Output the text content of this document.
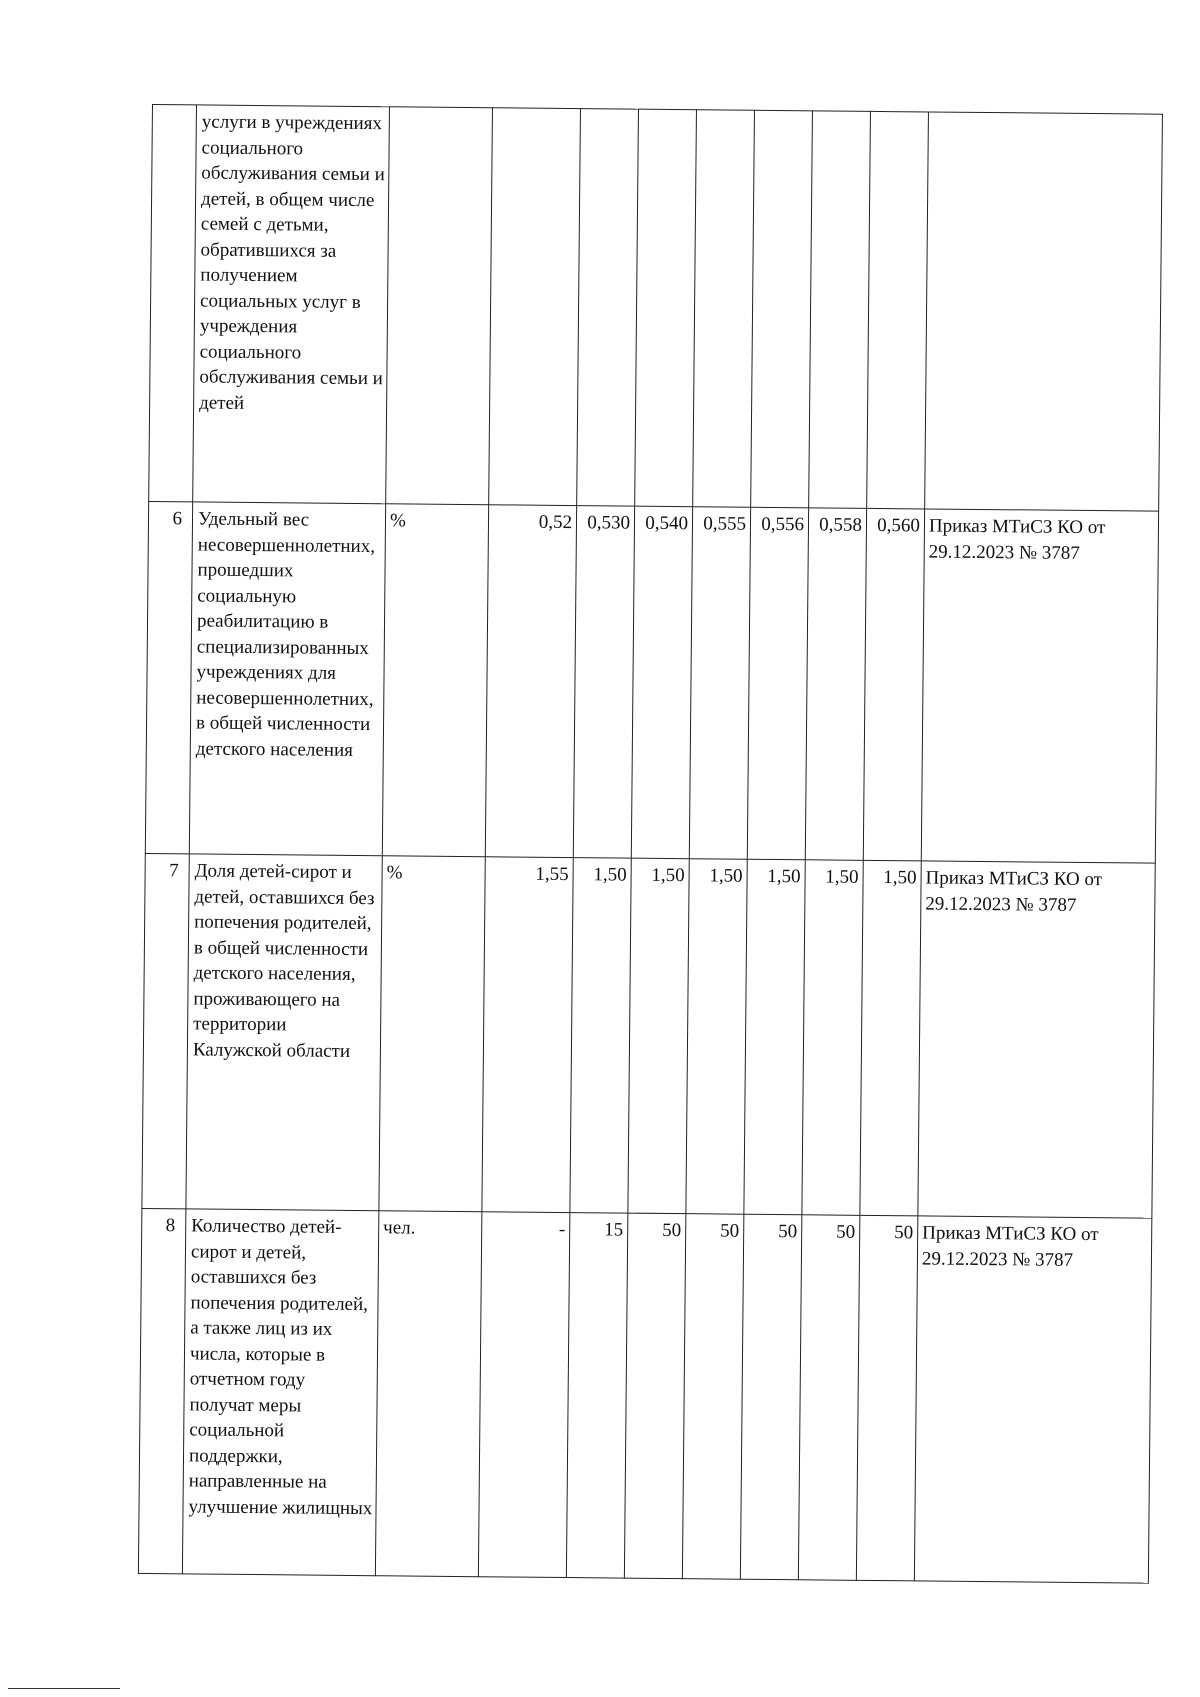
	услуги в учреждениях социального обслуживания семьи и детей, в общем числе семей с детьми, обратившихся за получением социальных услуг в учреждения социального обслуживания семьи и детей									
6	Удельный вес несовершеннолетних, прошедших социальную реабилитацию в специализированных учреждениях для несовершеннолетних, в общей численности детского населения	%	0,52	0,530	0,540	0,555	0,556	0,558	0,560	Приказ МТиСЗ КО от 29.12.2023 № 3787
7	Доля детей-сирот и детей, оставшихся без попечения родителей, в общей численности детского населения, проживающего на территории Калужской области	%	1,55	1,50	1,50	1,50	1,50	1,50	1,50	Приказ МТиСЗ КО от 29.12.2023 № 3787
8	Количество детей-сирот и детей, оставшихся без попечения родителей, а также лиц из их числа, которые в отчетном году получат меры социальной поддержки, направленные на улучшение жилищных	чел.	-	15	50	50	50	50	50	Приказ МТиСЗ КО от 29.12.2023 № 3787
